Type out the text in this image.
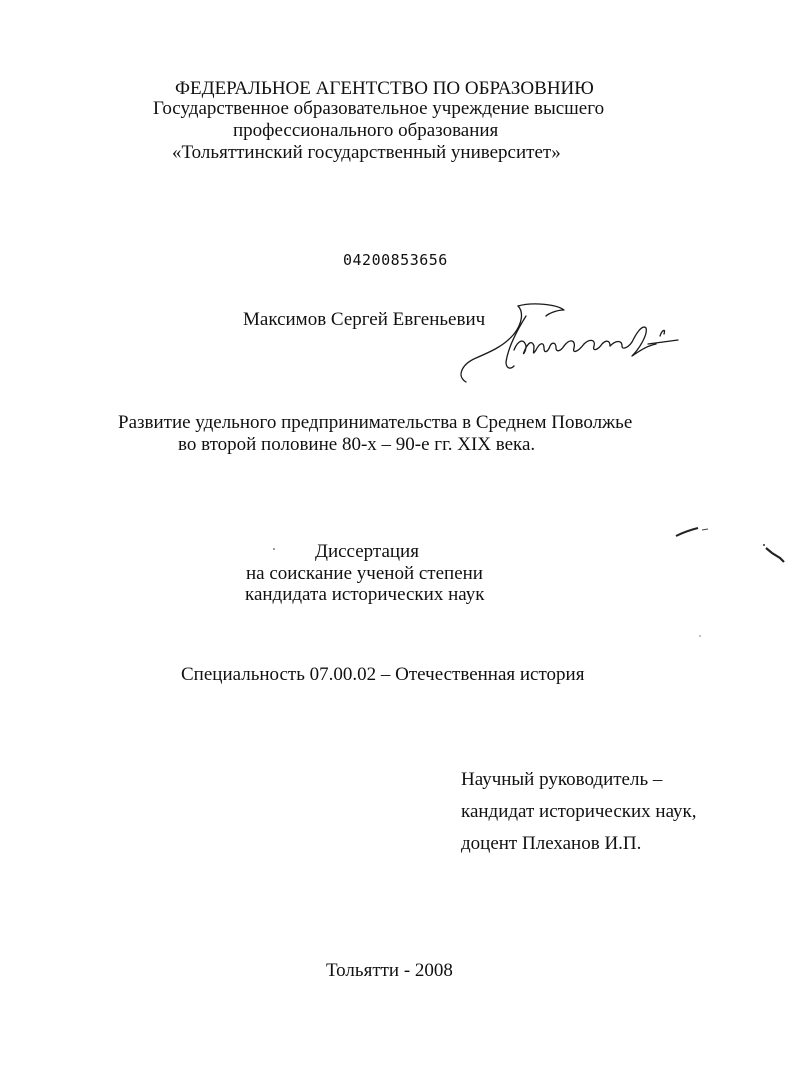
ФЕДЕРАЛЬНОЕ АГЕНТСТВО ПО ОБРАЗОВНИЮ
Государственное образовательное учреждение высшего
профессионального образования
«Тольяттинский государственный университет»
04200853656
Максимов Сергей Евгеньевич
Развитие удельного предпринимательства в Среднем Поволжье
во второй половине 80-х – 90-е гг. XIX века.
Диссертация
на соискание ученой степени
кандидата исторических наук
Специальность 07.00.02 – Отечественная история
Научный руководитель –
кандидат исторических наук,
доцент Плеханов И.П.
Тольятти - 2008
